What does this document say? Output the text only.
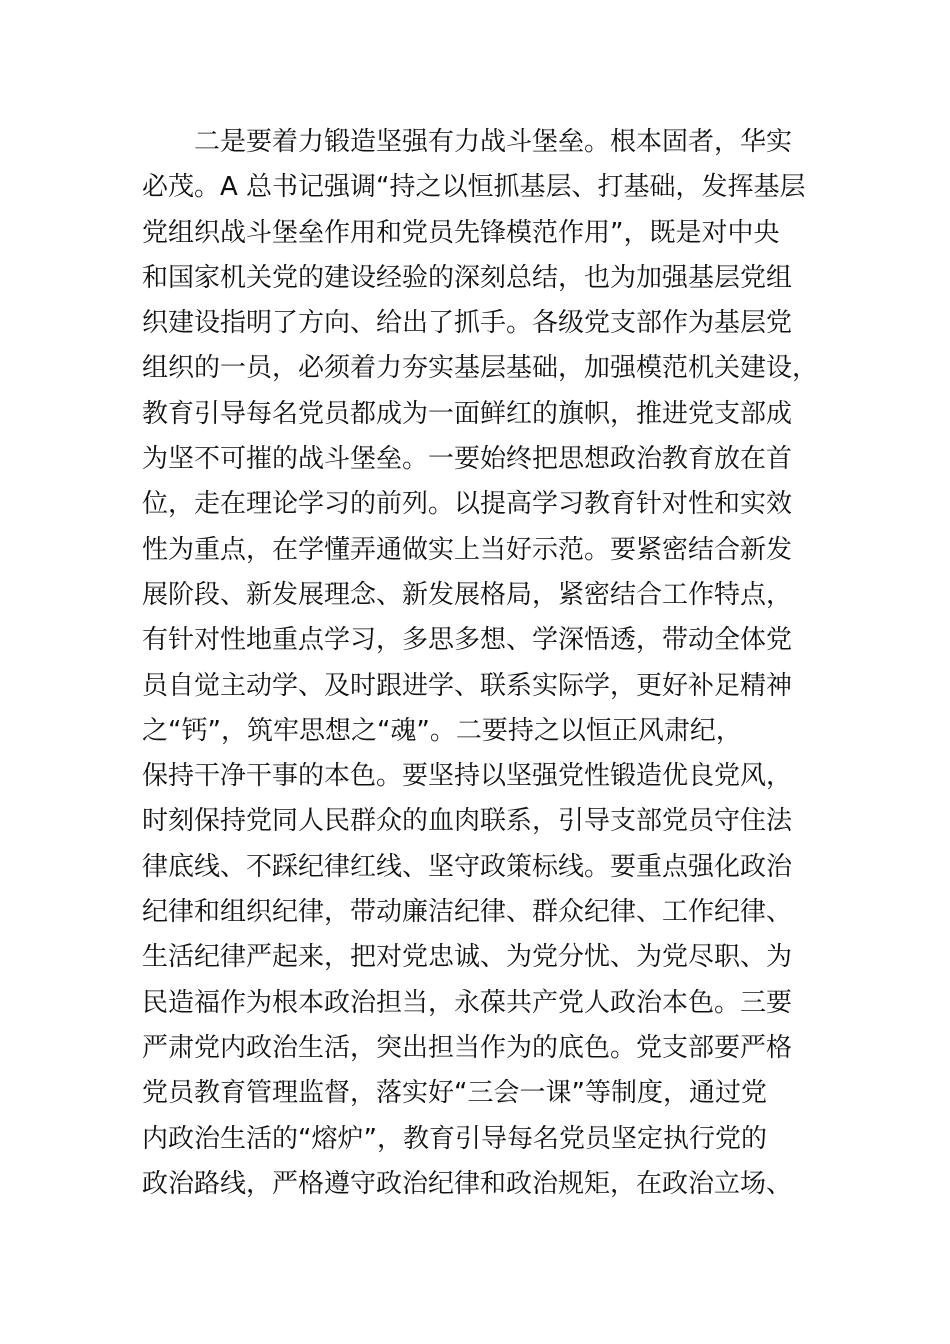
二是要着力锻造坚强有力战斗堡垒。根本固者，华实
必茂。A 总书记强调“持之以恒抓基层、打基础，发挥基层
党组织战斗堡垒作用和党员先锋模范作用”，既是对中央
和国家机关党的建设经验的深刻总结，也为加强基层党组
织建设指明了方向、给出了抓手。各级党支部作为基层党
组织的一员，必须着力夯实基层基础，加强模范机关建设，
教育引导每名党员都成为一面鲜红的旗帜，推进党支部成
为坚不可摧的战斗堡垒。一要始终把思想政治教育放在首
位，走在理论学习的前列。以提高学习教育针对性和实效
性为重点，在学懂弄通做实上当好示范。要紧密结合新发
展阶段、新发展理念、新发展格局，紧密结合工作特点，
有针对性地重点学习，多思多想、学深悟透，带动全体党
员自觉主动学、及时跟进学、联系实际学，更好补足精神
之“钙”，筑牢思想之“魂”。二要持之以恒正风肃纪，
保持干净干事的本色。要坚持以坚强党性锻造优良党风，
时刻保持党同人民群众的血肉联系，引导支部党员守住法
律底线、不踩纪律红线、坚守政策标线。要重点强化政治
纪律和组织纪律，带动廉洁纪律、群众纪律、工作纪律、
生活纪律严起来，把对党忠诚、为党分忧、为党尽职、为
民造福作为根本政治担当，永葆共产党人政治本色。三要
严肃党内政治生活，突出担当作为的底色。党支部要严格
党员教育管理监督，落实好“三会一课”等制度，通过党
内政治生活的“熔炉”，教育引导每名党员坚定执行党的
政治路线，严格遵守政治纪律和政治规矩，在政治立场、
